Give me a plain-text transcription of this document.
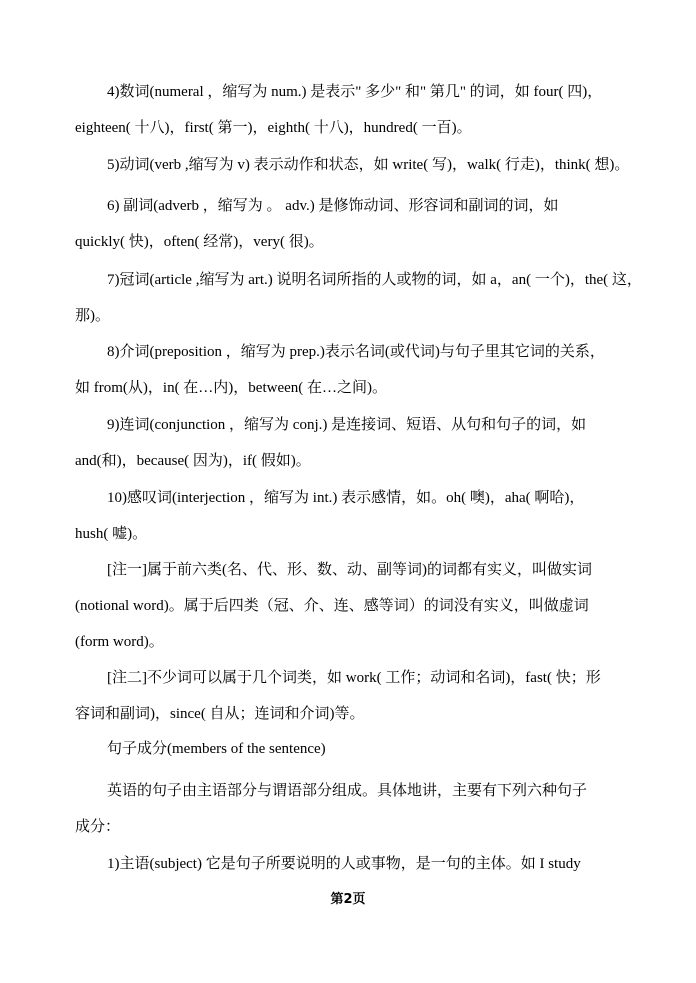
4)数词(numeral ，缩写为 num.) 是表示" 多少" 和" 第几" 的词，如 four( 四)，
eighteen( 十八)，first( 第一)，eighth( 十八)，hundred( 一百)。
5)动词(verb ,缩写为 v) 表示动作和状态，如 write( 写)，walk( 行走)，think( 想)。
6) 副词(adverb ，缩写为 。 adv.) 是修饰动词、形容词和副词的词，如
quickly( 快)，often( 经常)，very( 很)。
7)冠词(article ,缩写为 art.) 说明名词所指的人或物的词，如 a，an( 一个)，the( 这，
那)。
8)介词(preposition ，缩写为 prep.)表示名词(或代词)与句子里其它词的关系，
如 from(从)，in( 在…内)，between( 在…之间)。
9)连词(conjunction ，缩写为 conj.) 是连接词、短语、从句和句子的词，如
and(和)，because( 因为)，if( 假如)。
10)感叹词(interjection ，缩写为 int.) 表示感情，如。oh( 噢)，aha( 啊哈)，
hush( 嘘)。
[注一]属于前六类(名、代、形、数、动、副等词)的词都有实义，叫做实词
(notional word)。属于后四类（冠、介、连、感等词）的词没有实义，叫做虚词
(form word)。
[注二]不少词可以属于几个词类，如 work( 工作；动词和名词)，fast( 快；形
容词和副词)，since( 自从；连词和介词)等。
句子成分(members of the sentence)
英语的句子由主语部分与谓语部分组成。具体地讲，主要有下列六种句子
成分：
1)主语(subject) 它是句子所要说明的人或事物，是一句的主体。如 I study
第2页
